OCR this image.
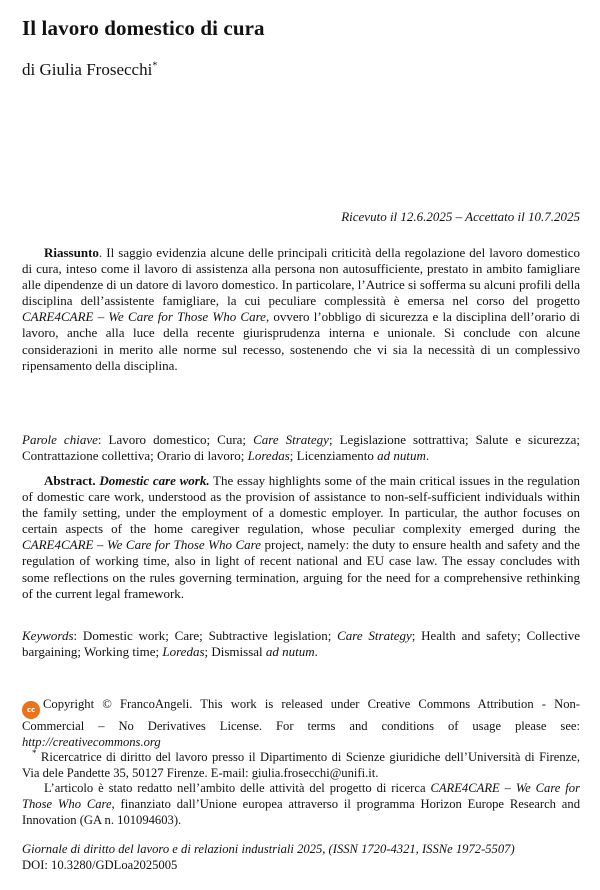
Il lavoro domestico di cura
di Giulia Frosecchi*
Ricevuto il 12.6.2025 – Accettato il 10.7.2025
Riassunto. Il saggio evidenzia alcune delle principali criticità della regolazione del lavoro domestico di cura, inteso come il lavoro di assistenza alla persona non autosufficiente, prestato in ambito famigliare alle dipendenze di un datore di lavoro domestico. In particolare, l’Autrice si sofferma su alcuni profili della disciplina dell’assistente famigliare, la cui peculiare complessità è emersa nel corso del progetto CARE4CARE – We Care for Those Who Care, ovvero l’obbligo di sicurezza e la disciplina dell’orario di lavoro, anche alla luce della recente giurisprudenza interna e unionale. Si conclude con alcune considerazioni in merito alle norme sul recesso, sostenendo che vi sia la necessità di un complessivo ripensamento della disciplina.
Parole chiave: Lavoro domestico; Cura; Care Strategy; Legislazione sottrattiva; Salute e sicurezza; Contrattazione collettiva; Orario di lavoro; Loredas; Licenziamento ad nutum.
Abstract. Domestic care work. The essay highlights some of the main critical issues in the regulation of domestic care work, understood as the provision of assistance to non-self-sufficient individuals within the family setting, under the employment of a domestic employer. In particular, the author focuses on certain aspects of the home caregiver regulation, whose peculiar complexity emerged during the CARE4CARE – We Care for Those Who Care project, namely: the duty to ensure health and safety and the regulation of working time, also in light of recent national and EU case law. The essay concludes with some reflections on the rules governing termination, arguing for the need for a comprehensive rethinking of the current legal framework.
Keywords: Domestic work; Care; Subtractive legislation; Care Strategy; Health and safety; Collective bargaining; Working time; Loredas; Dismissal ad nutum.

cc Copyright © FrancoAngeli. This work is released under Creative Commons Attribution - Non-Commercial – No Derivatives License. For terms and conditions of usage please see: http://creativecommons.org

* Ricercatrice di diritto del lavoro presso il Dipartimento di Scienze giuridiche dell’Università di Firenze, Via dele Pandette 35, 50127 Firenze. E-mail: giulia.frosecchi@unifi.it.

L’articolo è stato redatto nell’ambito delle attività del progetto di ricerca CARE4CARE – We Care for Those Who Care, finanziato dall’Unione europea attraverso il programma Horizon Europe Research and Innovation (GA n. 101094603).

Giornale di diritto del lavoro e di relazioni industriali 2025, (ISSN 1720-4321, ISSNe 1972-5507)
DOI: 10.3280/GDLoa2025005
